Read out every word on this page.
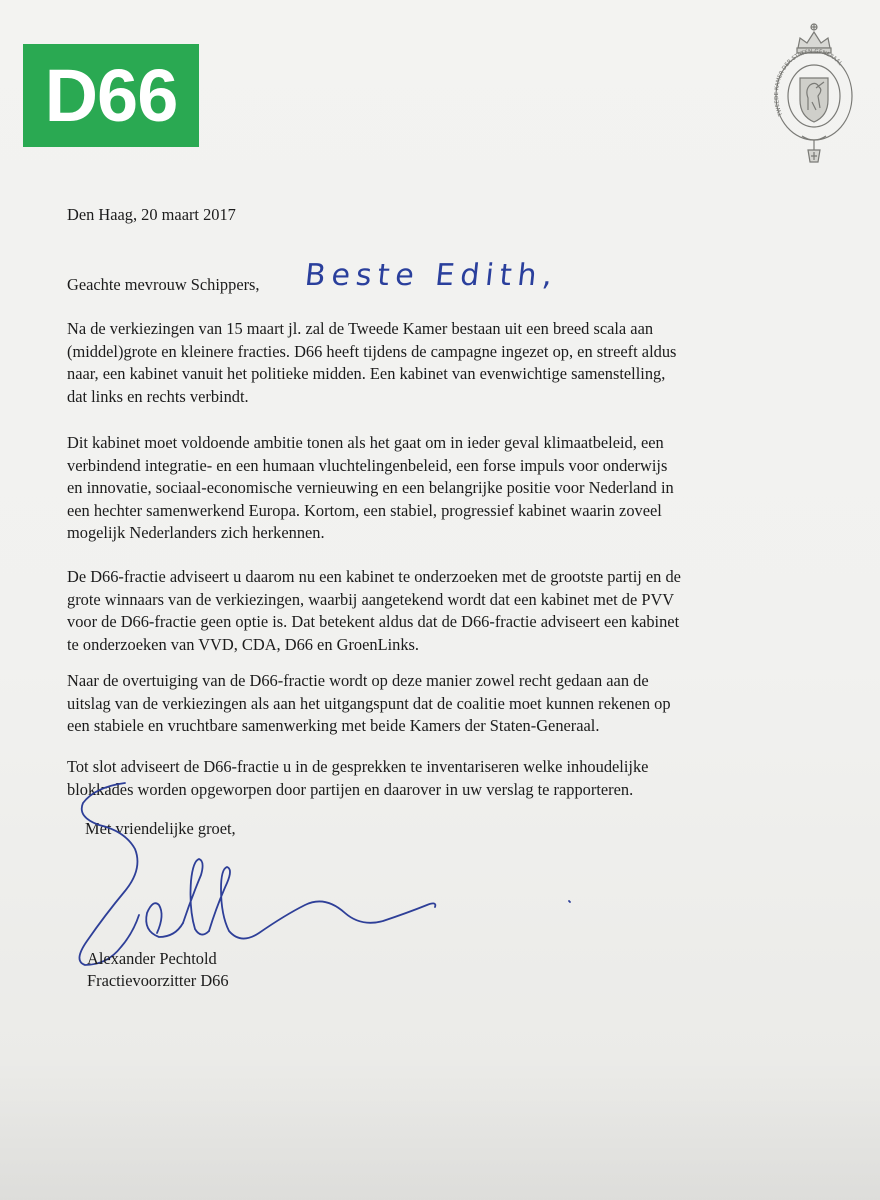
D66	TWEEDE KAMER DER STATEN GENERAAL
Den Haag, 20 maart 2017
Geachte mevrouw Schippers,	Beste Edith,

Na de verkiezingen van 15 maart jl. zal de Tweede Kamer bestaan uit een breed scala aan

(middel)grote en kleinere fracties. D66 heeft tijdens de campagne ingezet op, en streeft aldus

naar, een kabinet vanuit het politieke midden. Een kabinet van evenwichtige samenstelling,

dat links en rechts verbindt.

Dit kabinet moet voldoende ambitie tonen als het gaat om in ieder geval klimaatbeleid, een

verbindend integratie- en een humaan vluchtelingenbeleid, een forse impuls voor onderwijs

en innovatie, sociaal-economische vernieuwing en een belangrijke positie voor Nederland in

een hechter samenwerkend Europa. Kortom, een stabiel, progressief kabinet waarin zoveel

mogelijk Nederlanders zich herkennen.

De D66-fractie adviseert u daarom nu een kabinet te onderzoeken met de grootste partij en de

grote winnaars van de verkiezingen, waarbij aangetekend wordt dat een kabinet met de PVV

voor de D66-fractie geen optie is. Dat betekent aldus dat de D66-fractie adviseert een kabinet

te onderzoeken van VVD, CDA, D66 en GroenLinks.

Naar de overtuiging van de D66-fractie wordt op deze manier zowel recht gedaan aan de

uitslag van de verkiezingen als aan het uitgangspunt dat de coalitie moet kunnen rekenen op

een stabiele en vruchtbare samenwerking met beide Kamers der Staten-Generaal.

Tot slot adviseert de D66-fractie u in de gesprekken te inventariseren welke inhoudelijke

blokkades worden opgeworpen door partijen en daarover in uw verslag te rapporteren.

Met vriendelijke groet,
Alexander Pechtold
Fractievoorzitter D66
